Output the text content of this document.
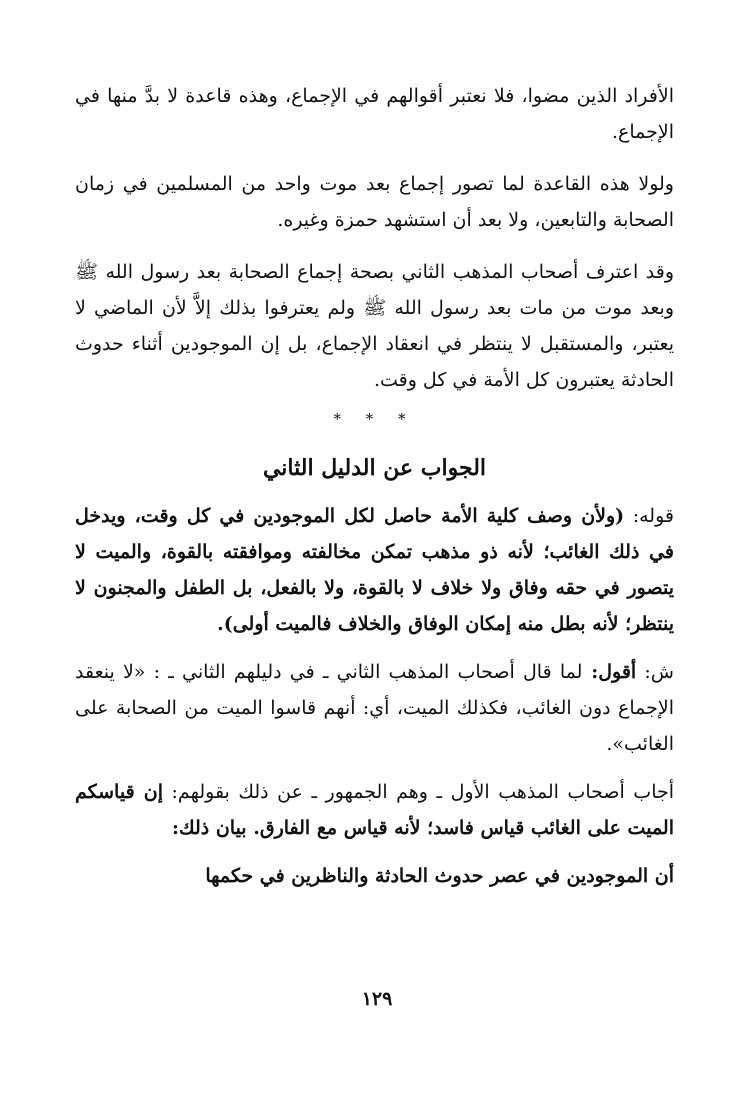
الأفراد الذين مضوا، فلا نعتبر أقوالهم في الإجماع، وهذه قاعدة لا بدَّ منها في الإجماع.

ولولا هذه القاعدة لما تصور إجماع بعد موت واحد من المسلمين في زمان الصحابة والتابعين، ولا بعد أن استشهد حمزة وغيره.

وقد اعترف أصحاب المذهب الثاني بصحة إجماع الصحابة بعد رسول الله ﷺ وبعد موت من مات بعد رسول الله ﷺ ولم يعترفوا بذلك إلاَّ لأن الماضي لا يعتبر، والمستقبل لا ينتظر في انعقاد الإجماع، بل إن الموجودين أثناء حدوث الحادثة يعتبرون كل الأمة في كل وقت.

* * *
الجواب عن الدليل الثاني

قوله: (ولأن وصف كلية الأمة حاصل لكل الموجودين في كل وقت، ويدخل في ذلك الغائب؛ لأنه ذو مذهب تمكن مخالفته وموافقته بالقوة، والميت لا يتصور في حقه وفاق ولا خلاف لا بالقوة، ولا بالفعل، بل الطفل والمجنون لا ينتظر؛ لأنه بطل منه إمكان الوفاق والخلاف فالميت أولى).

ش: أقول: لما قال أصحاب المذهب الثاني ـ في دليلهم الثاني ـ : «لا ينعقد الإجماع دون الغائب، فكذلك الميت، أي: أنهم قاسوا الميت من الصحابة على الغائب».

أجاب أصحاب المذهب الأول ـ وهم الجمهور ـ عن ذلك بقولهم: إن قياسكم الميت على الغائب قياس فاسد؛ لأنه قياس مع الفارق. بيان ذلك:

أن الموجودين في عصر حدوث الحادثة والناظرين في حكمها

١٢٩
